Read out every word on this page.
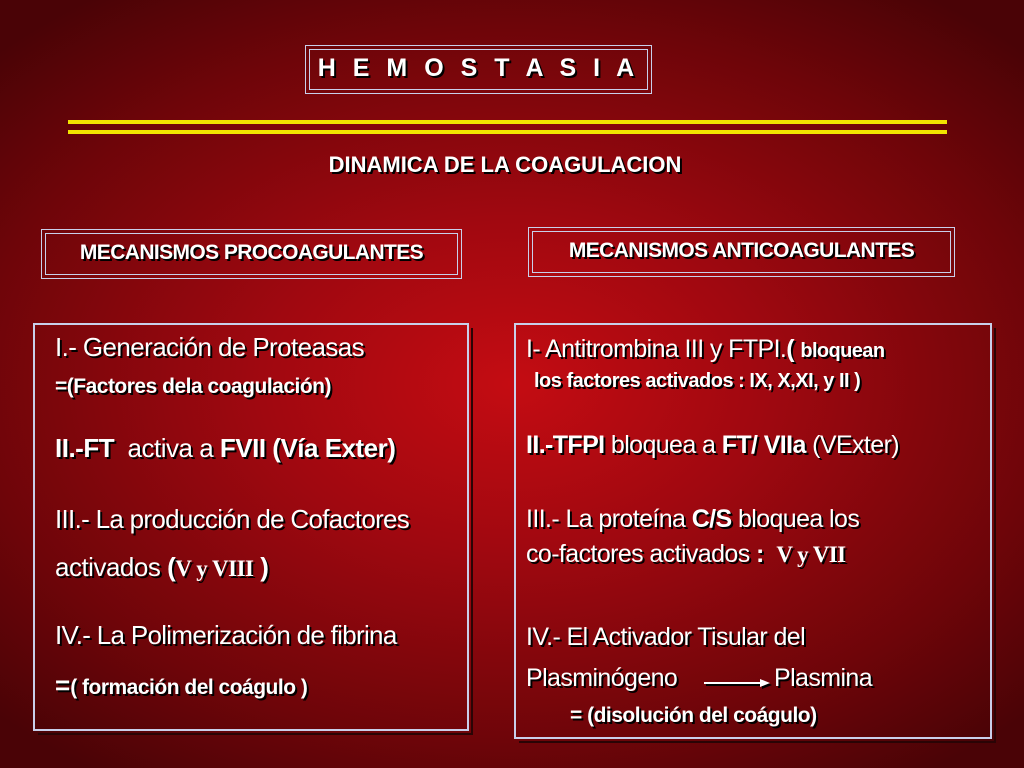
H E M O S T A S I A
DINAMICA DE LA COAGULACION
MECANISMOS PROCOAGULANTES	MECANISMOS ANTICOAGULANTES
I.- Generación de Proteasas
=(Factores dela coagulación)
II.-FT activa a FVII (Vía Exter)
III.- La producción de Cofactores
activados (V y VIII )
IV.- La Polimerización de fibrina
=( formación del coágulo )
I- Antitrombina III y FTPI.( bloquean
los factores activados : IX, X,XI, y II )
II.-TFPI bloquea a FT/ VIIa (VExter)
III.- La proteína C/S bloquea los
co-factores activados : V y VII
IV.- El Activador Tisular del
Plasminógeno	Plasmina
= (disolución del coágulo)
